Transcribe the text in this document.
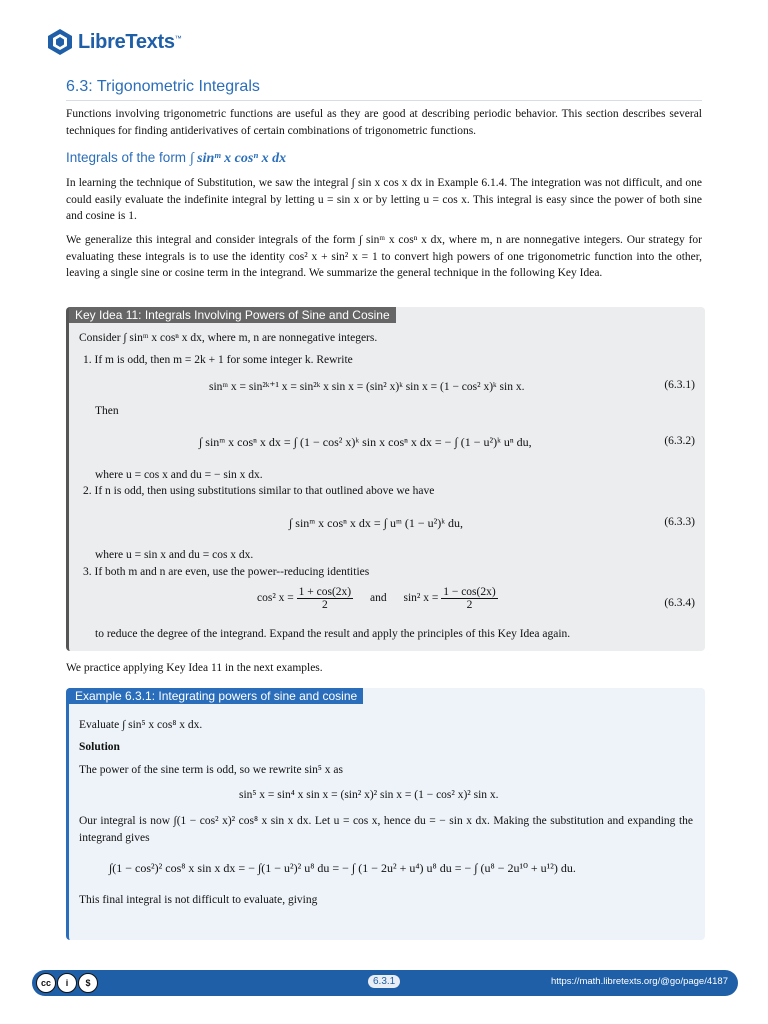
LibreTexts™
6.3: Trigonometric Integrals
Functions involving trigonometric functions are useful as they are good at describing periodic behavior. This section describes several techniques for finding antiderivatives of certain combinations of trigonometric functions.
Integrals of the form ∫ sinᵐ x cosⁿ x dx
In learning the technique of Substitution, we saw the integral ∫ sin x cos x dx in Example 6.1.4. The integration was not difficult, and one could easily evaluate the indefinite integral by letting u = sin x or by letting u = cos x. This integral is easy since the power of both sine and cosine is 1.
We generalize this integral and consider integrals of the form ∫ sinᵐ x cosⁿ x dx, where m, n are nonnegative integers. Our strategy for evaluating these integrals is to use the identity cos² x + sin² x = 1 to convert high powers of one trigonometric function into the other, leaving a single sine or cosine term in the integrand. We summarize the general technique in the following Key Idea.
Key Idea 11: Integrals Involving Powers of Sine and Cosine
Consider ∫ sinᵐ x cosⁿ x dx, where m, n are nonnegative integers.
1. If m is odd, then m = 2k + 1 for some integer k. Rewrite
sinᵐ x = sin²ᵏ⁺¹ x = sin²ᵏ x sin x = (sin² x)ᵏ sin x = (1 − cos² x)ᵏ sin x.	(6.3.1)
Then
∫ sinᵐ x cosⁿ x dx = ∫ (1 − cos² x)ᵏ sin x cosⁿ x dx = − ∫ (1 − u²)ᵏ uⁿ du,	(6.3.2)
where u = cos x and du = − sin x dx.
2. If n is odd, then using substitutions similar to that outlined above we have
∫ sinᵐ x cosⁿ x dx = ∫ uᵐ (1 − u²)ᵏ du,	(6.3.3)
where u = sin x and du = cos x dx.
3. If both m and n are even, use the power--reducing identities
cos² $x = \frac{1 + \cos(2x)}{2}$ and sin² $x = \frac{1 - \cos(2x)}{2}$	(6.3.4)
to reduce the degree of the integrand. Expand the result and apply the principles of this Key Idea again.
We practice applying Key Idea 11 in the next examples.
Example 6.3.1: Integrating powers of sine and cosine
Evaluate ∫ sin⁵ x cos⁸ x dx.
Solution
The power of the sine term is odd, so we rewrite sin⁵ x as
sin⁵ x = sin⁴ x sin x = (sin² x)² sin x = (1 − cos² x)² sin x.
Our integral is now ∫(1 − cos² x)² cos⁸ x sin x dx. Let u = cos x, hence du = − sin x dx. Making the substitution and expanding the integrand gives
∫(1 − cos²)² cos⁸ x sin x dx = − ∫(1 − u²)² u⁸ du = − ∫ (1 − 2u² + u⁴) u⁸ du = − ∫ (u⁸ − 2u¹⁰ + u¹²) du.
This final integral is not difficult to evaluate, giving
cc	i	$	6.3.1	https://math.libretexts.org/@go/page/4187
